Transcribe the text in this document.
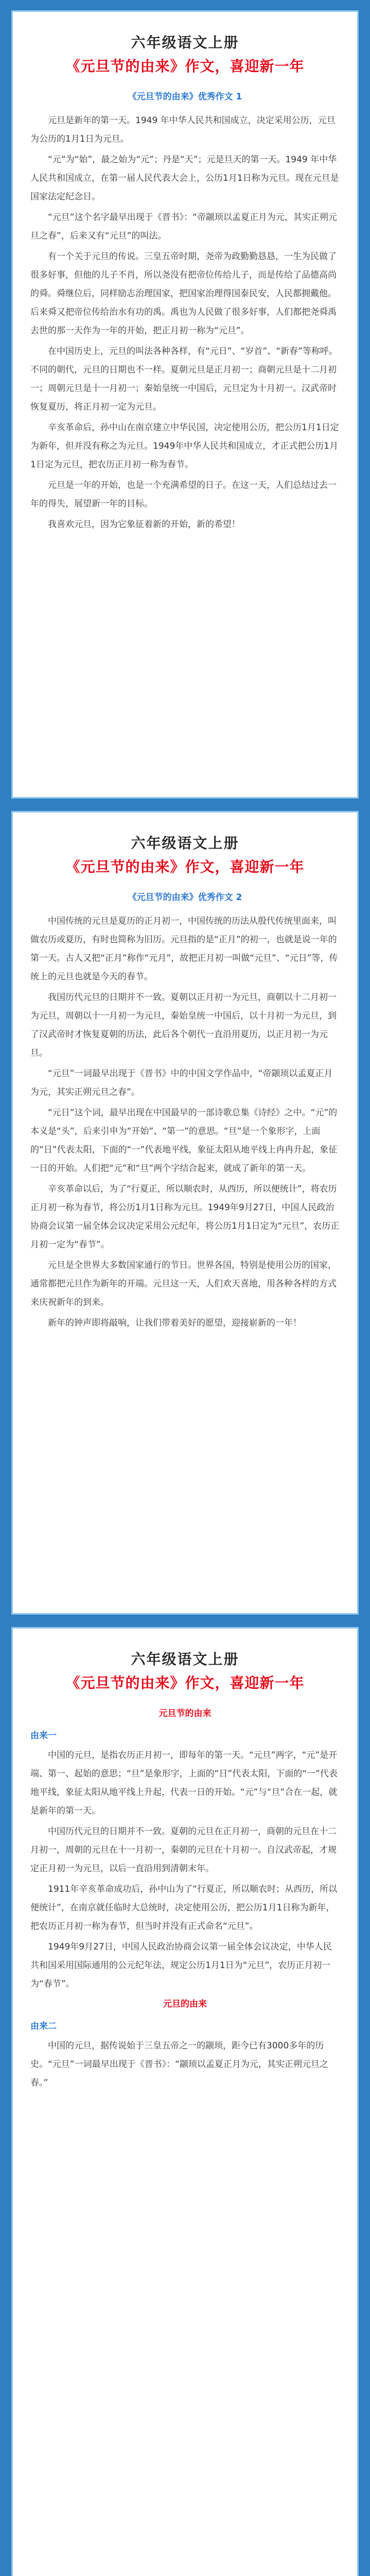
六年级语文上册
《元旦节的由来》作文，喜迎新一年
《元旦节的由来》优秀作文 1

元旦是新年的第一天。1949 年中华人民共和国成立，决定采用公历，元旦为公历的1月1日为元旦。

“元”为“始”，最之始为“元”；丹是“天”；元是旦天的第一天。1949 年中华人民共和国成立，在第一届人民代表大会上，公历1月1日称为元旦。现在元旦是国家法定纪念日。

“元旦”这个名字最早出现于《晋书》：“帝颛顼以孟夏正月为元，其实正朔元旦之春”，后来又有“元旦”的叫法。

有一个关于元旦的传说。三皇五帝时期，尧帝为政勤勤恳恳，一生为民做了很多好事，但他的儿子不肖，所以尧没有把帝位传给儿子，而是传给了品德高尚的舜。舜继位后，同样励志治理国家，把国家治理得国泰民安，人民都拥戴他。后来舜又把帝位传给治水有功的禹。禹也为人民做了很多好事，人们都把尧舜禹去世的那一天作为一年的开始，把正月初一称为“元旦”。

在中国历史上，元旦的叫法各种各样，有“元日”、“岁首”、“新春”等称呼。不同的朝代，元旦的日期也不一样。夏朝元旦是正月初一；商朝元旦是十二月初一；周朝元旦是十一月初一；秦始皇统一中国后，元旦定为十月初一。汉武帝时恢复夏历，将正月初一定为元旦。

辛亥革命后，孙中山在南京建立中华民国，决定使用公历，把公历1月1日定为新年，但并没有称之为元旦。1949年中华人民共和国成立，才正式把公历1月1日定为元旦，把农历正月初一称为春节。

元旦是一年的开始，也是一个充满希望的日子。在这一天，人们总结过去一年的得失，展望新一年的目标。

我喜欢元旦，因为它象征着新的开始，新的希望！

六年级语文上册
《元旦节的由来》作文，喜迎新一年
《元旦节的由来》优秀作文 2

中国传统的元旦是夏历的正月初一，中国传统的历法从殷代传统里面来，叫做农历或夏历，有时也简称为旧历。元旦指的是“正月”的初一，也就是说一年的第一天。古人又把“正月”称作“元月”，故把正月初一叫做“元旦”、“元日”等，传统上的元旦也就是今天的春节。

我国历代元旦的日期并不一致。夏朝以正月初一为元旦，商朝以十二月初一为元旦，周朝以十一月初一为元旦，秦始皇统一中国后，以十月初一为元旦，到了汉武帝时才恢复夏朝的历法，此后各个朝代一直沿用夏历，以正月初一为元旦。

“元旦”一词最早出现于《晋书》中的中国文学作品中，“帝颛顼以孟夏正月为元，其实正朔元旦之春”。

“元日”这个词，最早出现在中国最早的一部诗歌总集《诗经》之中。“元”的本义是“头”，后来引申为“开始”、“第一”的意思。“旦”是一个象形字，上面的“日”代表太阳，下面的“一”代表地平线，象征太阳从地平线上冉冉升起，象征一日的开始。人们把“元”和“旦”两个字结合起来，就成了新年的第一天。

辛亥革命以后，为了“行夏正，所以顺农时，从西历，所以便统计”，将农历正月初一称为春节，将公历1月1日称为元旦。1949年9月27日，中国人民政治协商会议第一届全体会议决定采用公元纪年，将公历1月1日定为“元旦”，农历正月初一定为“春节”。

元旦是全世界大多数国家通行的节日。世界各国，特别是使用公历的国家，通常都把元旦作为新年的开端。元旦这一天，人们欢天喜地，用各种各样的方式来庆祝新年的到来。

新年的钟声即将敲响，让我们带着美好的愿望，迎接崭新的一年！

六年级语文上册
《元旦节的由来》作文，喜迎新一年
元旦节的由来
由来一

中国的元旦，是指农历正月初一，即每年的第一天。“元旦”两字，“元”是开端、第一、起始的意思；“旦”是象形字，上面的“日”代表太阳，下面的“一”代表地平线，象征太阳从地平线上升起，代表一日的开始。“元”与“旦”合在一起，就是新年的第一天。

中国历代元旦的日期并不一致。夏朝的元旦在正月初一，商朝的元旦在十二月初一，周朝的元旦在十一月初一，秦朝的元旦在十月初一。自汉武帝起，才规定正月初一为元旦，以后一直沿用到清朝末年。

1911年辛亥革命成功后，孙中山为了“行夏正，所以顺农时；从西历，所以便统计”，在南京就任临时大总统时，决定使用公历，把公历1月1日称为新年，把农历正月初一称为春节，但当时并没有正式命名“元旦”。

1949年9月27日，中国人民政治协商会议第一届全体会议决定，中华人民共和国采用国际通用的公元纪年法，规定公历1月1日为“元旦”，农历正月初一为“春节”。

元旦的由来
由来二

中国的元旦，据传说始于三皇五帝之一的颛顼，距今已有3000多年的历史。“元旦”一词最早出现于《晋书》：“颛顼以孟夏正月为元，其实正朔元旦之春。”
